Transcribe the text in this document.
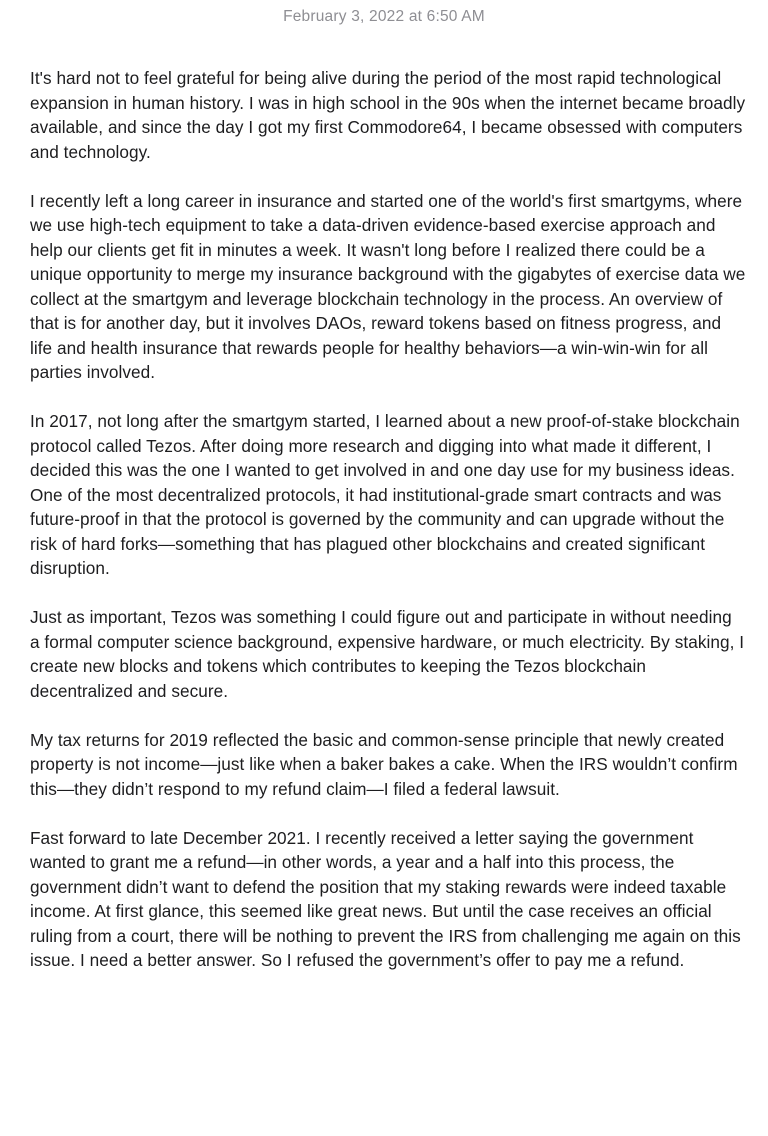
February 3, 2022 at 6:50 AM

It's hard not to feel grateful for being alive during the period of the most rapid technological expansion in human history. I was in high school in the 90s when the internet became broadly available, and since the day I got my first Commodore64, I became obsessed with computers and technology.

I recently left a long career in insurance and started one of the world's first smartgyms, where we use high-tech equipment to take a data-driven evidence-based exercise approach and help our clients get fit in minutes a week. It wasn't long before I realized there could be a unique opportunity to merge my insurance background with the gigabytes of exercise data we collect at the smartgym and leverage blockchain technology in the process. An overview of that is for another day, but it involves DAOs, reward tokens based on fitness progress, and life and health insurance that rewards people for healthy behaviors—a win-win-win for all parties involved.

In 2017, not long after the smartgym started, I learned about a new proof-of-stake blockchain protocol called Tezos. After doing more research and digging into what made it different, I decided this was the one I wanted to get involved in and one day use for my business ideas.

One of the most decentralized protocols, it had institutional-grade smart contracts and was future-proof in that the protocol is governed by the community and can upgrade without the risk of hard forks—something that has plagued other blockchains and created significant disruption.

Just as important, Tezos was something I could figure out and participate in without needing a formal computer science background, expensive hardware, or much electricity. By staking, I create new blocks and tokens which contributes to keeping the Tezos blockchain decentralized and secure.

My tax returns for 2019 reflected the basic and common-sense principle that newly created property is not income—just like when a baker bakes a cake. When the IRS wouldn’t confirm this—they didn’t respond to my refund claim—I filed a federal lawsuit.

Fast forward to late December 2021. I recently received a letter saying the government wanted to grant me a refund—in other words, a year and a half into this process, the government didn’t want to defend the position that my staking rewards were indeed taxable income. At first glance, this seemed like great news. But until the case receives an official ruling from a court, there will be nothing to prevent the IRS from challenging me again on this issue. I need a better answer. So I refused the government’s offer to pay me a refund.
